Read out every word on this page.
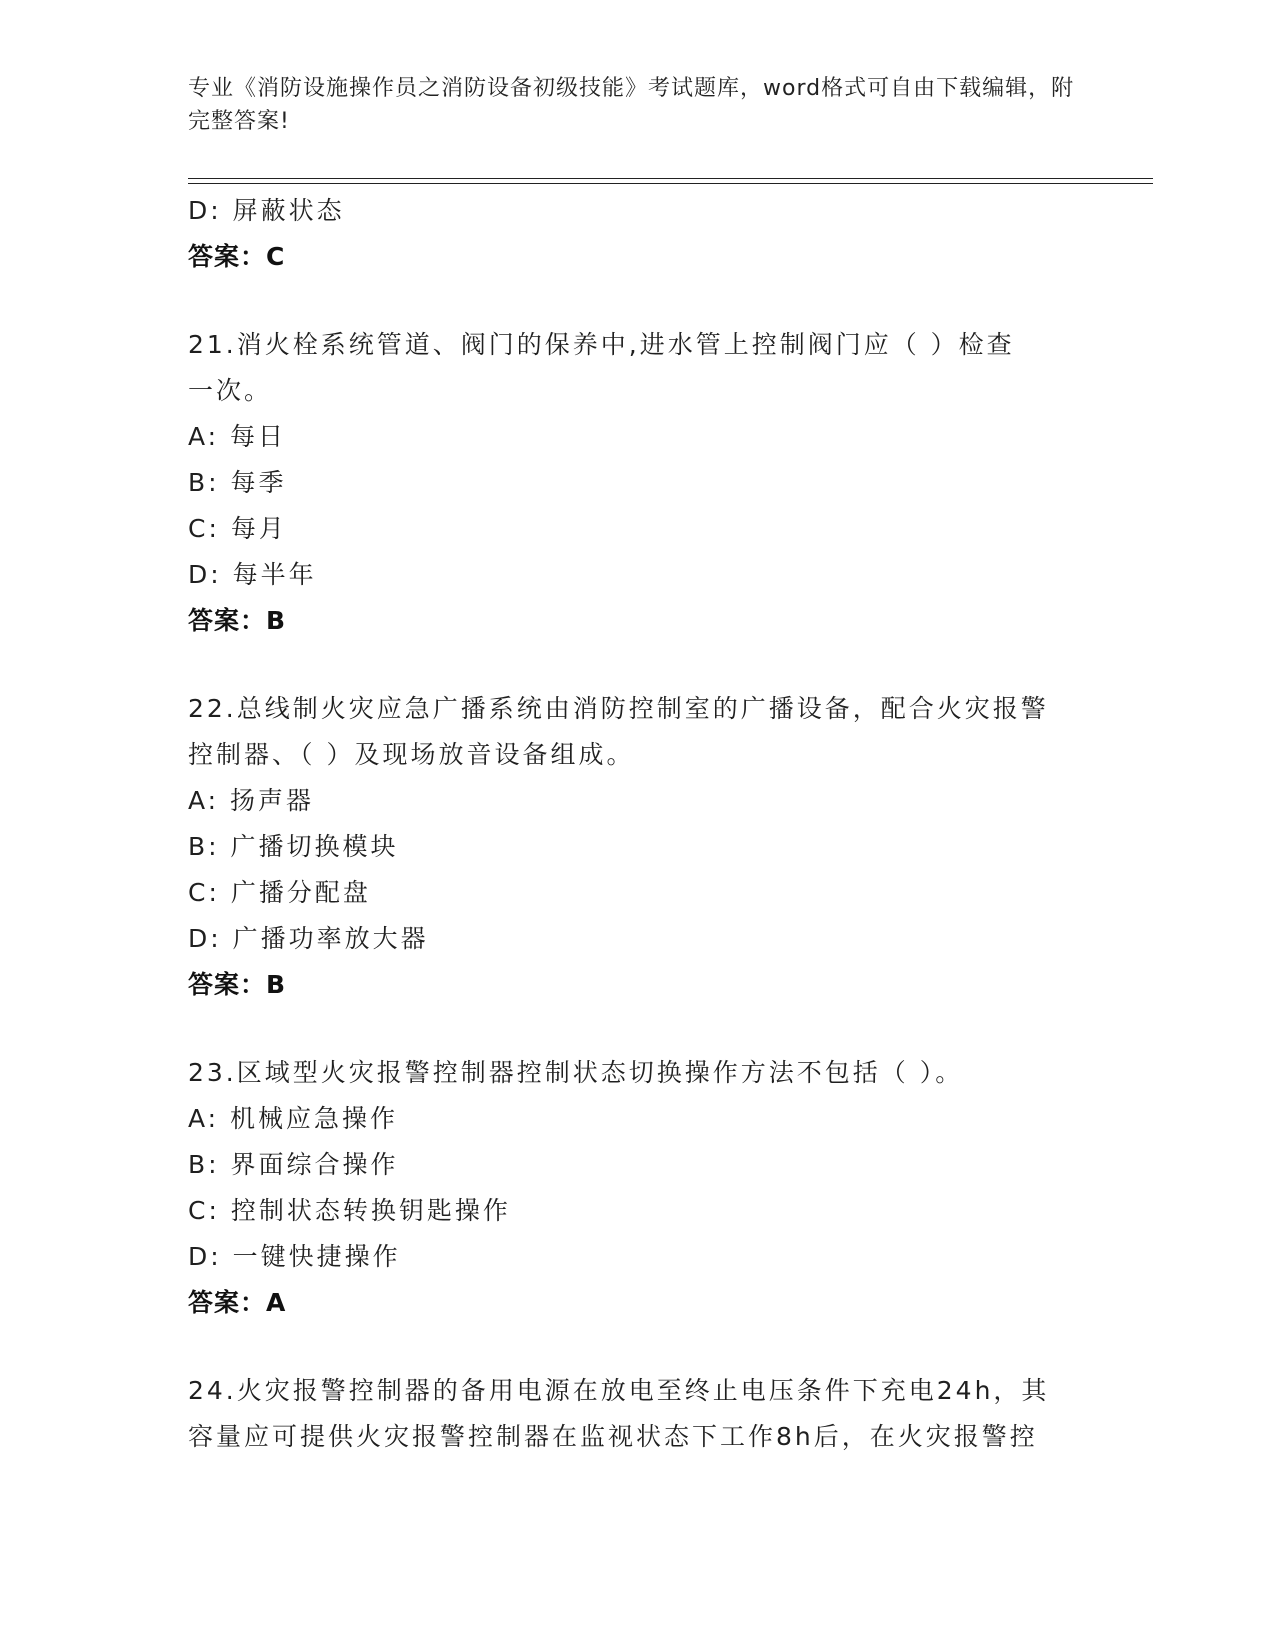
专业《消防设施操作员之消防设备初级技能》考试题库，word格式可自由下载编辑，附完整答案!
D: 屏蔽状态
答案：C
21.消火栓系统管道、阀门的保养中,进水管上控制阀门应（ ）检查
一次。
A: 每日
B: 每季
C: 每月
D: 每半年
答案：B
22.总线制火灾应急广播系统由消防控制室的广播设备，配合火灾报警
控制器、（ ）及现场放音设备组成。
A: 扬声器
B: 广播切换模块
C: 广播分配盘
D: 广播功率放大器
答案：B
23.区域型火灾报警控制器控制状态切换操作方法不包括（ ）。
A: 机械应急操作
B: 界面综合操作
C: 控制状态转换钥匙操作
D: 一键快捷操作
答案：A
24.火灾报警控制器的备用电源在放电至终止电压条件下充电24h，其
容量应可提供火灾报警控制器在监视状态下工作8h后，在火灾报警控
